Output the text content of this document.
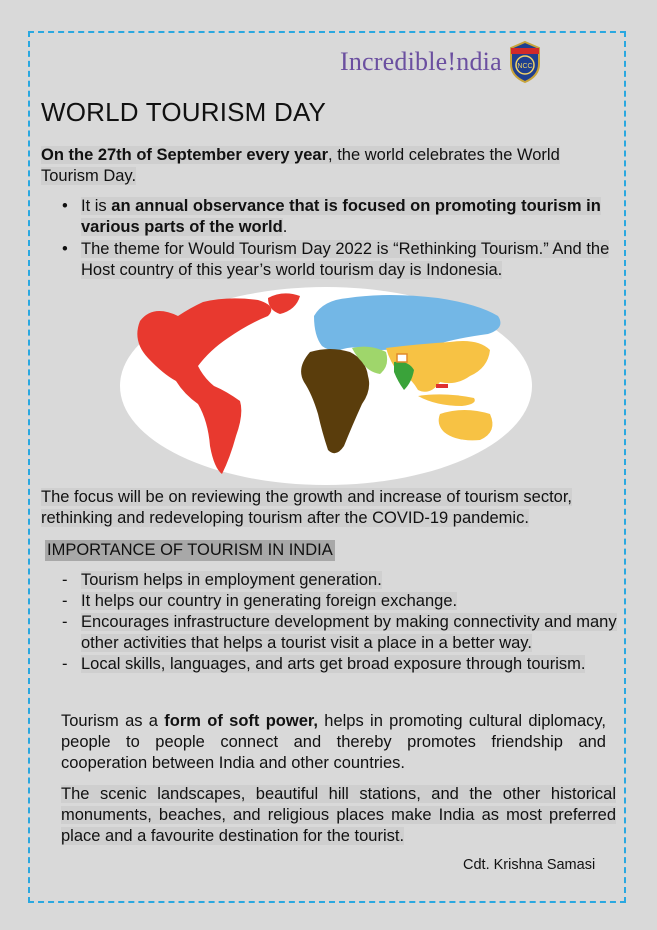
Incredible!ndia NCC
WORLD TOURISM DAY
On the 27th of September every year, the world celebrates the World Tourism Day.
• It is an annual observance that is focused on promoting tourism in various parts of the world.
• The theme for Would Tourism Day 2022 is “Rethinking Tourism.” And the Host country of this year’s world tourism day is Indonesia.
The focus will be on reviewing the growth and increase of tourism sector, rethinking and redeveloping tourism after the COVID-19 pandemic.
IMPORTANCE OF TOURISM IN INDIA
- Tourism helps in employment generation.
- It helps our country in generating foreign exchange.
- Encourages infrastructure development by making connectivity and many other activities that helps a tourist visit a place in a better way.
- Local skills, languages, and arts get broad exposure through tourism.
Tourism as a form of soft power, helps in promoting cultural diplomacy, people to people connect and thereby promotes friendship and cooperation between India and other countries.
The scenic landscapes, beautiful hill stations, and the other historical monuments, beaches, and religious places make India as most preferred place and a favourite destination for the tourist.
Cdt. Krishna Samasi
